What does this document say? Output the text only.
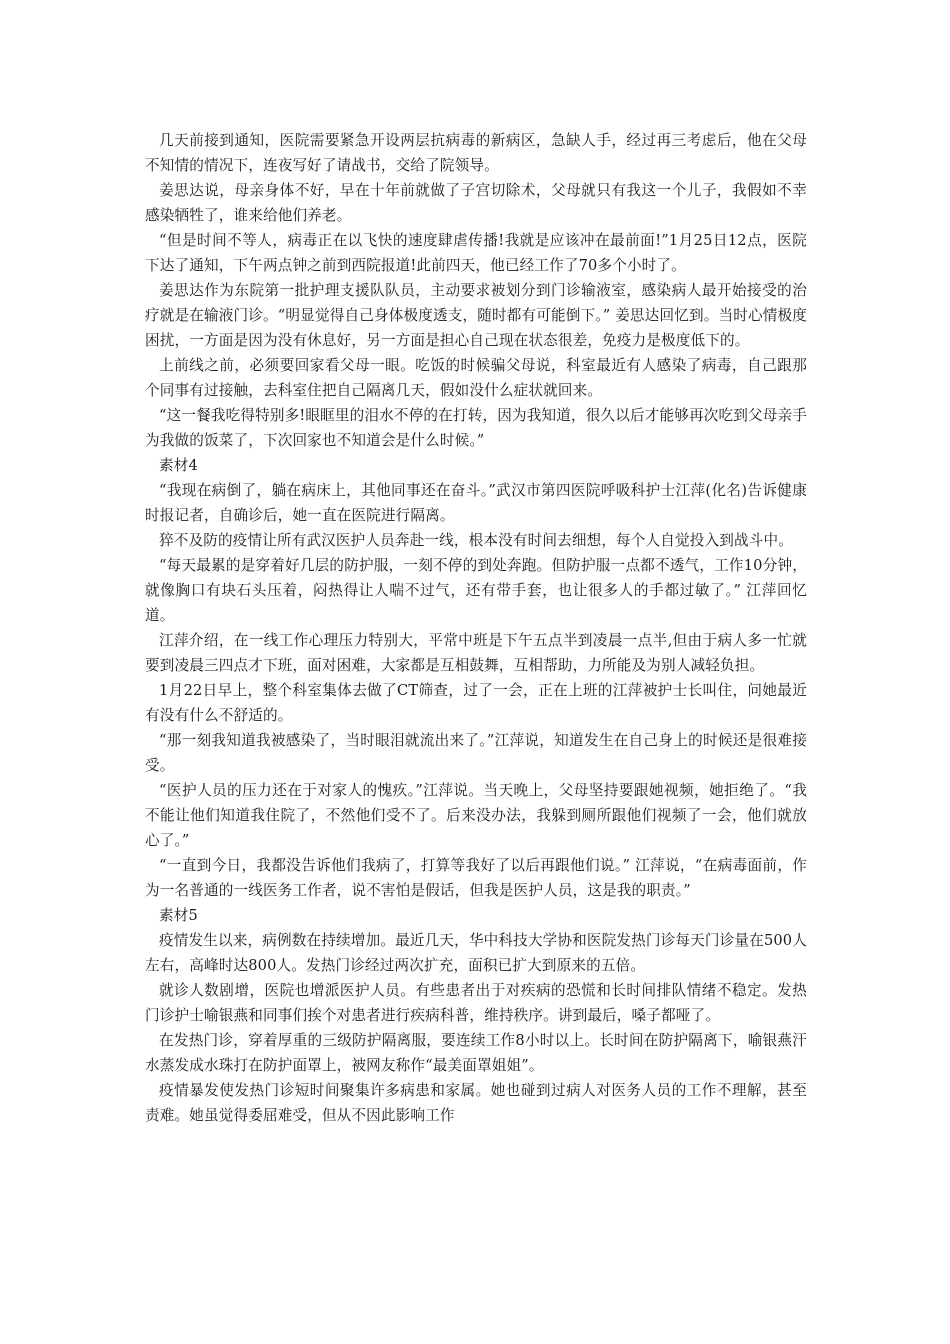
几天前接到通知，医院需要紧急开设两层抗病毒的新病区，急缺人手，经过再三考虑后，他在父母不知情的情况下，连夜写好了请战书，交给了院领导。

姜思达说，母亲身体不好，早在十年前就做了子宫切除术，父母就只有我这一个儿子，我假如不幸感染牺牲了，谁来给他们养老。

“但是时间不等人，病毒正在以飞快的速度肆虐传播!我就是应该冲在最前面!”1月25日12点，医院下达了通知，下午两点钟之前到西院报道!此前四天，他已经工作了70多个小时了。

姜思达作为东院第一批护理支援队队员，主动要求被划分到门诊输液室，感染病人最开始接受的治疗就是在输液门诊。“明显觉得自己身体极度透支，随时都有可能倒下。” 姜思达回忆到。当时心情极度困扰，一方面是因为没有休息好，另一方面是担心自己现在状态很差，免疫力是极度低下的。

上前线之前，必须要回家看父母一眼。吃饭的时候骗父母说，科室最近有人感染了病毒，自己跟那个同事有过接触，去科室住把自己隔离几天，假如没什么症状就回来。

“这一餐我吃得特别多!眼眶里的泪水不停的在打转，因为我知道，很久以后才能够再次吃到父母亲手为我做的饭菜了，下次回家也不知道会是什么时候。”

素材4

“我现在病倒了，躺在病床上，其他同事还在奋斗。”武汉市第四医院呼吸科护士江萍(化名)告诉健康时报记者，自确诊后，她一直在医院进行隔离。

猝不及防的疫情让所有武汉医护人员奔赴一线，根本没有时间去细想，每个人自觉投入到战斗中。

“每天最累的是穿着好几层的防护服，一刻不停的到处奔跑。但防护服一点都不透气，工作10分钟，就像胸口有块石头压着，闷热得让人喘不过气，还有带手套，也让很多人的手都过敏了。” 江萍回忆道。

江萍介绍，在一线工作心理压力特别大，平常中班是下午五点半到凌晨一点半,但由于病人多一忙就要到凌晨三四点才下班，面对困难，大家都是互相鼓舞，互相帮助，力所能及为别人减轻负担。

1月22日早上，整个科室集体去做了CT筛查，过了一会，正在上班的江萍被护士长叫住，问她最近有没有什么不舒适的。

“那一刻我知道我被感染了，当时眼泪就流出来了。”江萍说，知道发生在自己身上的时候还是很难接受。

“医护人员的压力还在于对家人的愧疚。”江萍说。当天晚上，父母坚持要跟她视频，她拒绝了。“我不能让他们知道我住院了，不然他们受不了。后来没办法，我躲到厕所跟他们视频了一会，他们就放心了。”

“一直到今日，我都没告诉他们我病了，打算等我好了以后再跟他们说。” 江萍说，“在病毒面前，作为一名普通的一线医务工作者，说不害怕是假话，但我是医护人员，这是我的职责。”

素材5

疫情发生以来，病例数在持续增加。最近几天，华中科技大学协和医院发热门诊每天门诊量在500人左右，高峰时达800人。发热门诊经过两次扩充，面积已扩大到原来的五倍。

就诊人数剧增，医院也增派医护人员。有些患者出于对疾病的恐慌和长时间排队情绪不稳定。发热门诊护士喻银燕和同事们挨个对患者进行疾病科普，维持秩序。讲到最后，嗓子都哑了。

在发热门诊，穿着厚重的三级防护隔离服，要连续工作8小时以上。长时间在防护隔离下，喻银燕汗水蒸发成水珠打在防护面罩上，被网友称作“最美面罩姐姐”。

疫情暴发使发热门诊短时间聚集许多病患和家属。她也碰到过病人对医务人员的工作不理解，甚至责难。她虽觉得委屈难受，但从不因此影响工作
